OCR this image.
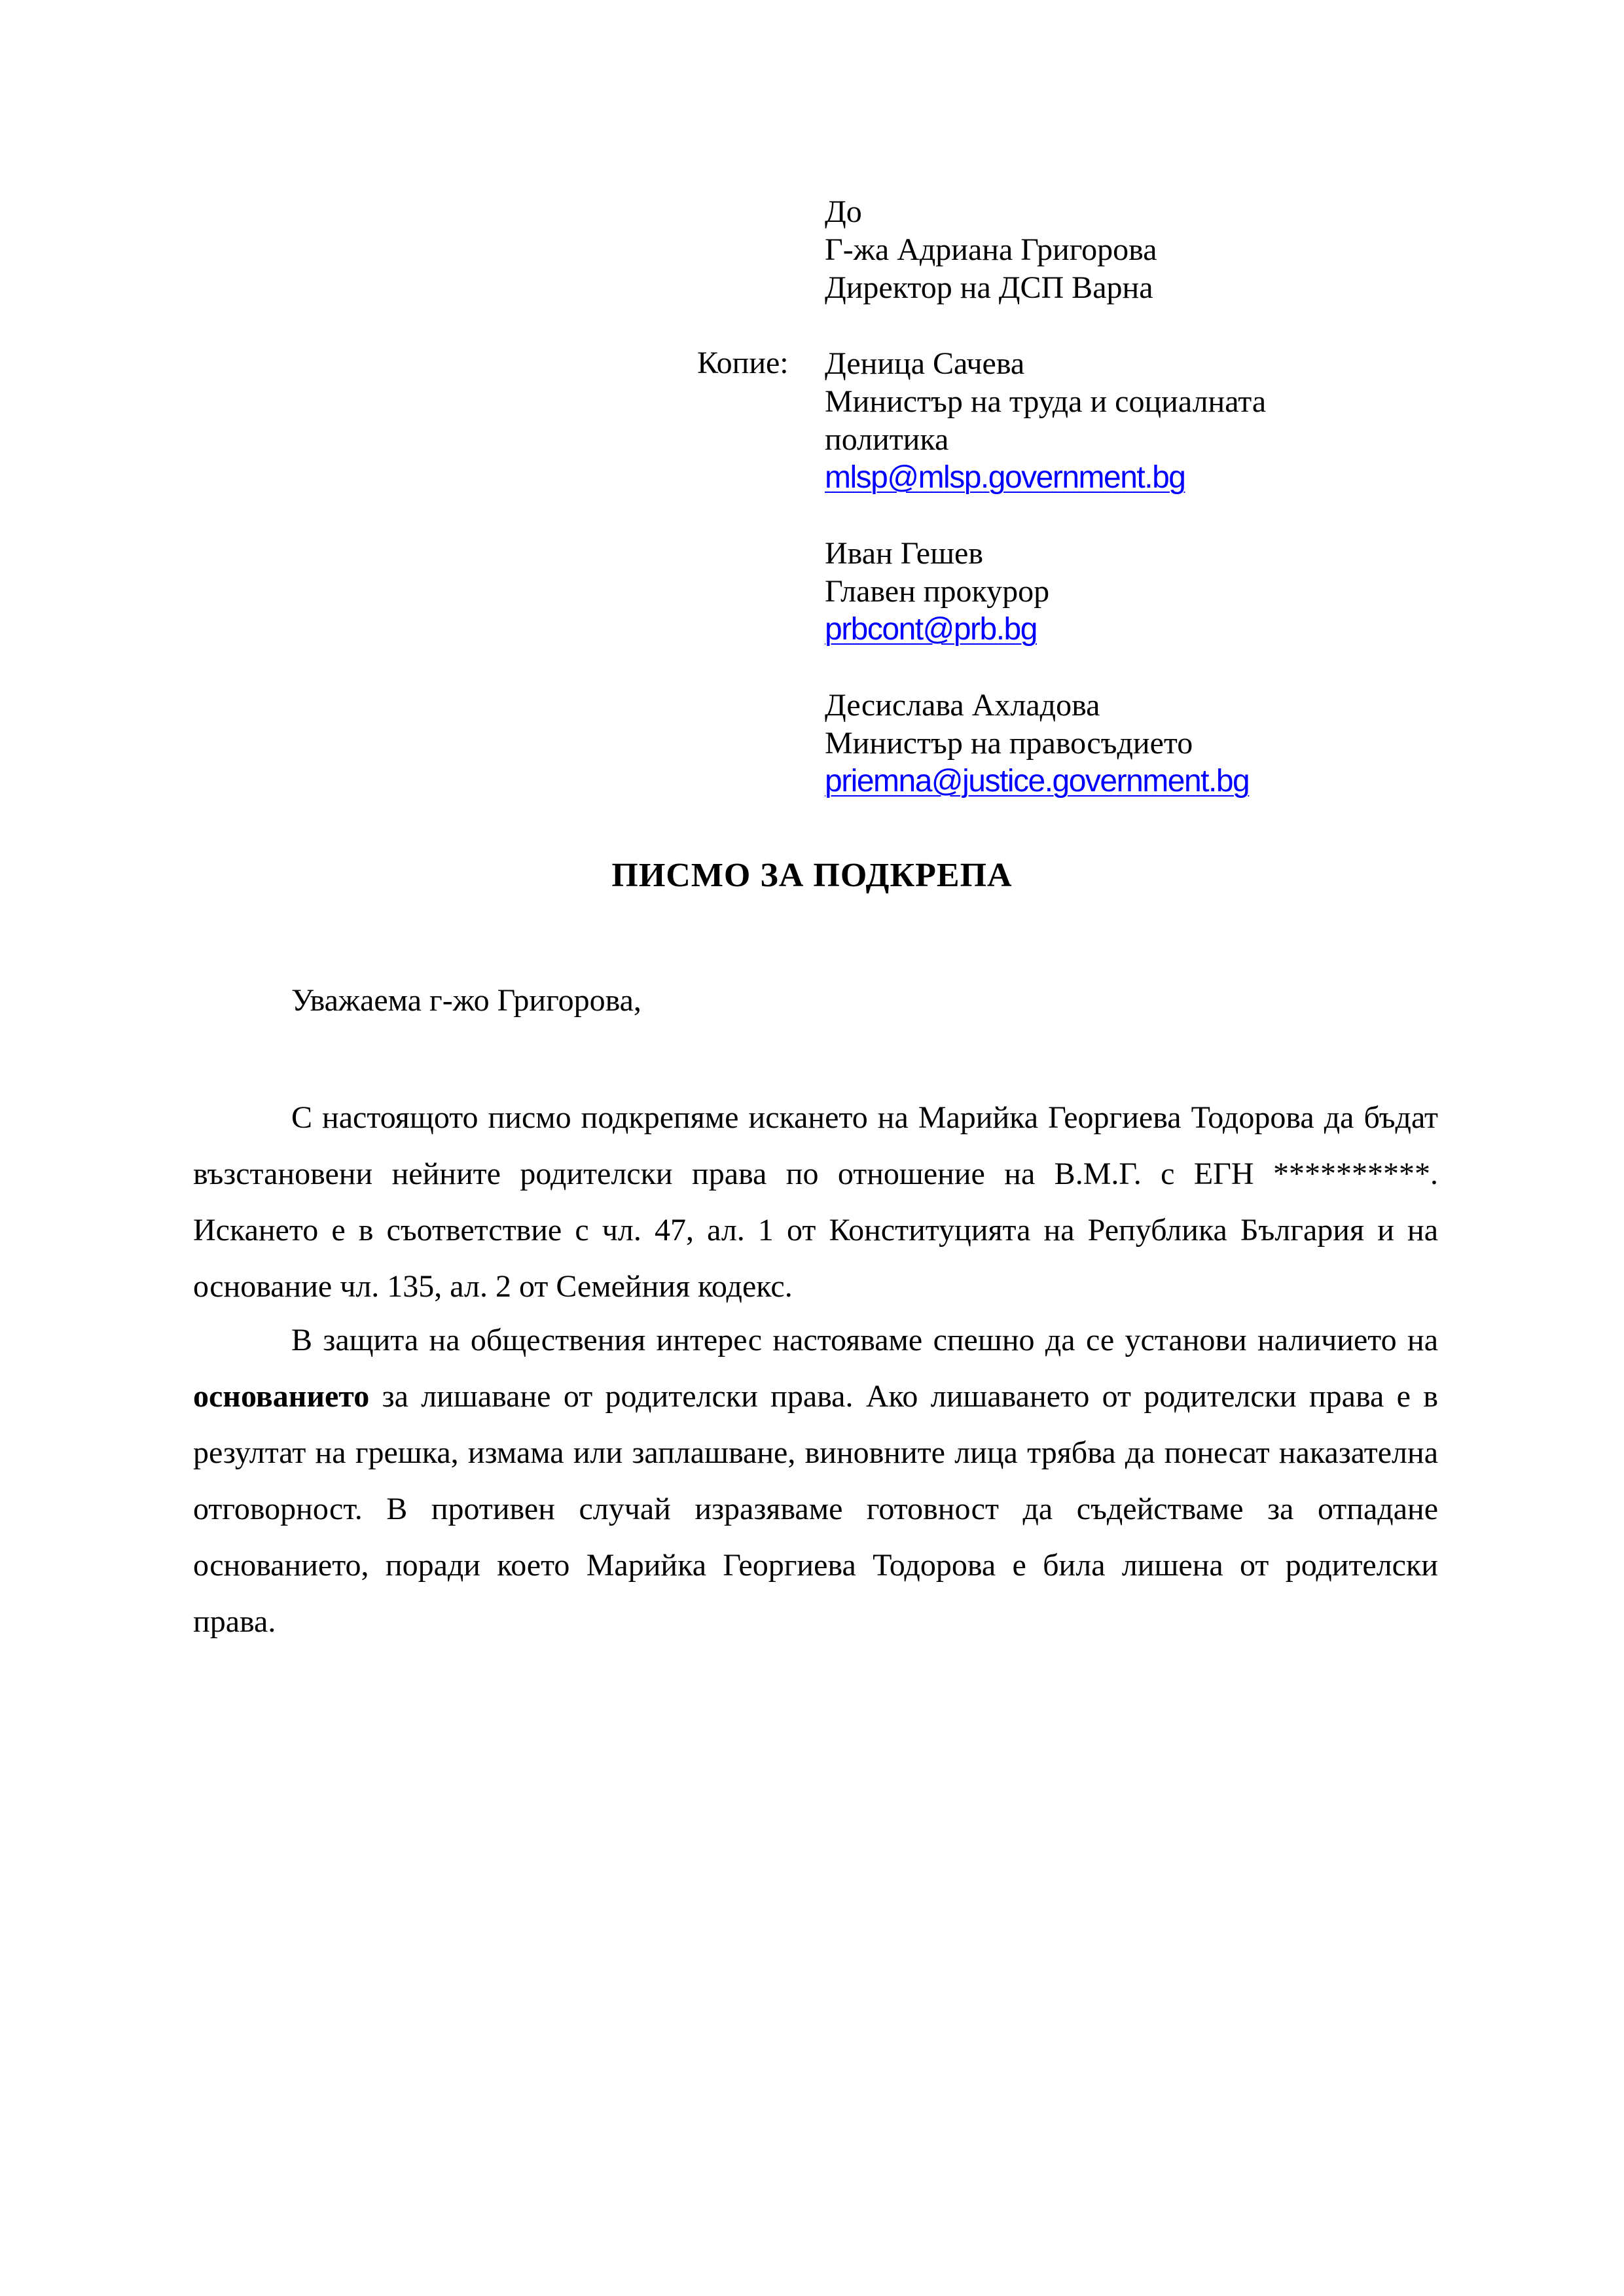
До
Г-жа Адриана Григорова
Директор на ДСП Варна
Деница Сачева
Министър на труда и социалната
политика
mlsp@mlsp.government.bg
Иван Гешев
Главен прокурор
prbcont@prb.bg
Десислава Ахладова
Министър на правосъдието
priemna@justice.government.bg
Копие:
ПИСМО ЗА ПОДКРЕПА
Уважаема г-жо Григорова,

С настоящото писмо подкрепяме искането на Марийка Георгиева Тодорова да бъдат възстановени нейните родителски права по отношение на В.М.Г. с ЕГН **********. Искането е в съответствие с чл. 47, ал. 1 от Конституцията на Република България и на основание чл. 135, ал. 2 от Семейния кодекс.

В защита на обществения интерес настояваме спешно да се установи наличието на основанието за лишаване от родителски права. Ако лишаването от родителски права е в резултат на грешка, измама или заплашване, виновните лица трябва да понесат наказателна отговорност. В противен случай изразяваме готовност да съдействаме за отпадане основанието, поради което Марийка Георгиева Тодорова е била лишена от родителски права.
